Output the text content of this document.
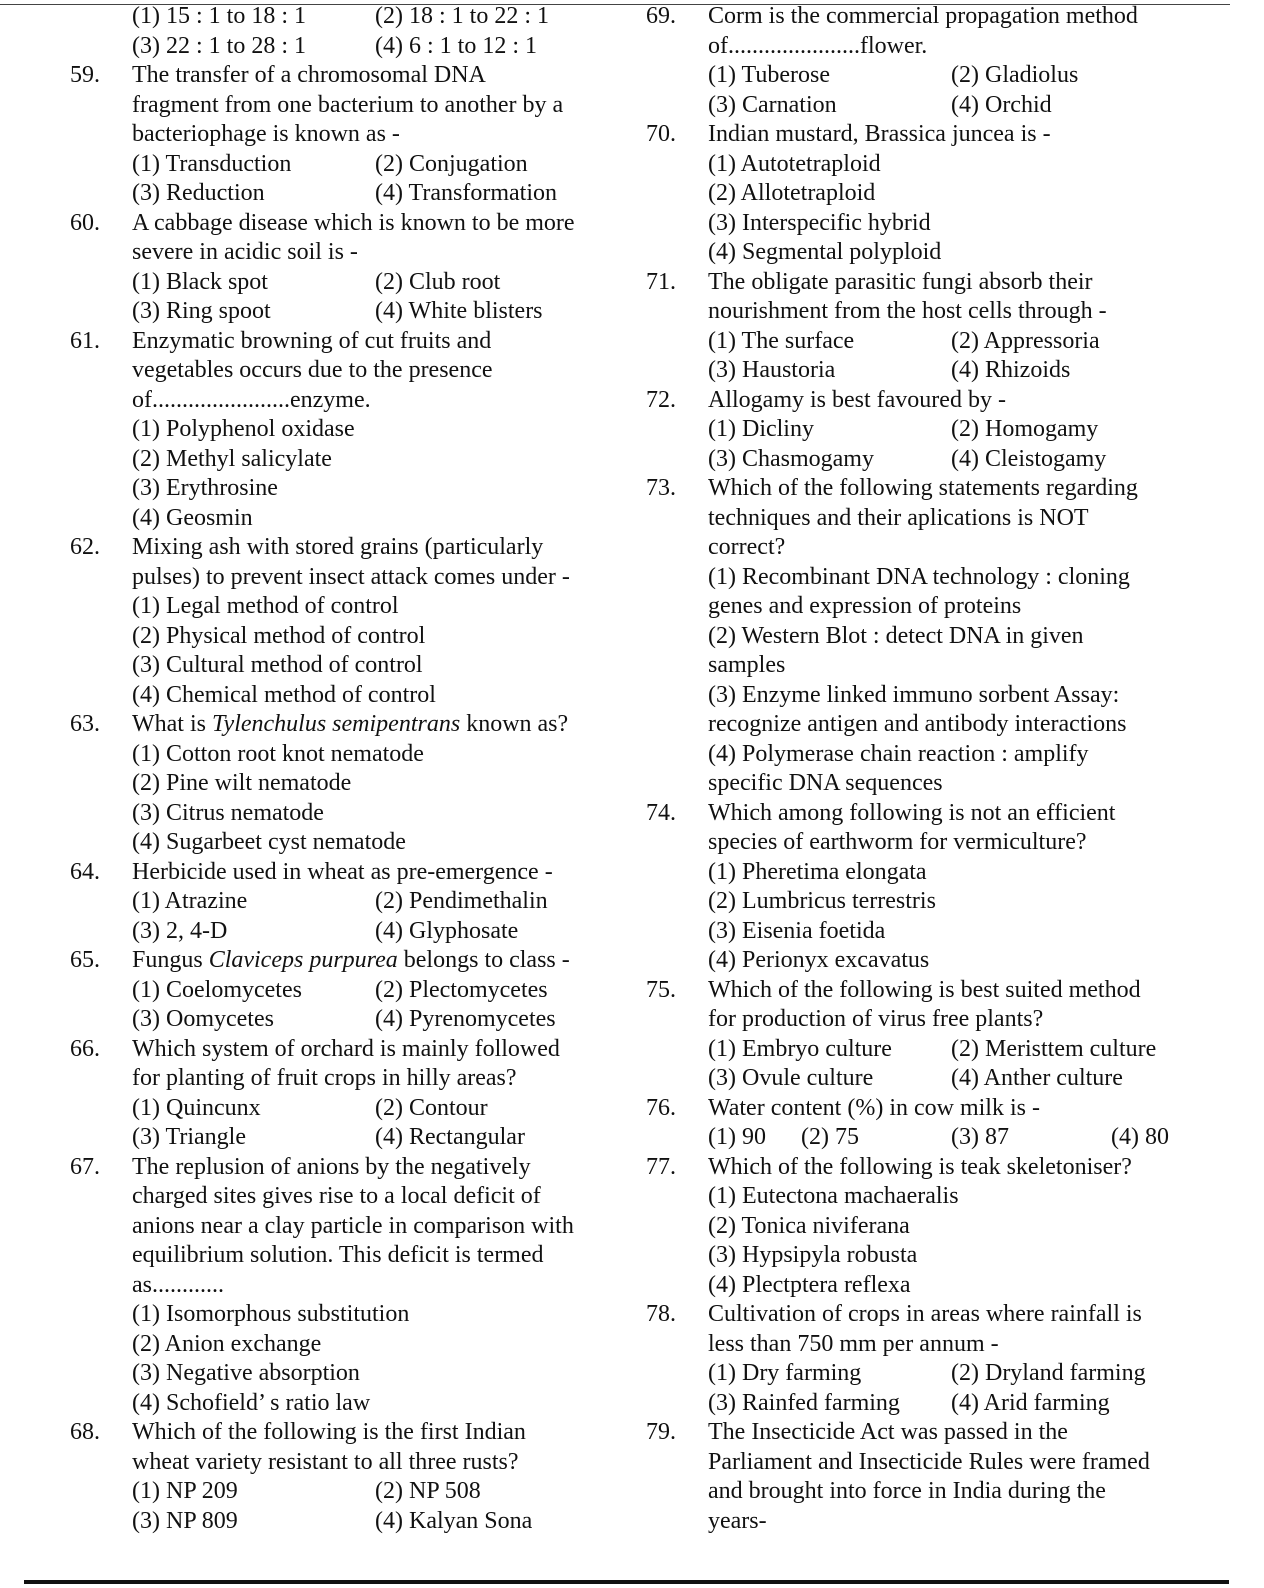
(1) 15 : 1 to 18 : 1	(2) 18 : 1 to 22 : 1
(3) 22 : 1 to 28 : 1	(4) 6 : 1 to 12 : 1
59. The transfer of a chromosomal DNA
fragment from one bacterium to another by a
bacteriophage is known as -
(1) Transduction	(2) Conjugation
(3) Reduction	(4) Transformation
60. A cabbage disease which is known to be more
severe in acidic soil is -
(1) Black spot	(2) Club root
(3) Ring spoot	(4) White blisters
61. Enzymatic browning of cut fruits and
vegetables occurs due to the presence
of.......................enzyme.
(1) Polyphenol oxidase
(2) Methyl salicylate
(3) Erythrosine
(4) Geosmin
62. Mixing ash with stored grains (particularly
pulses) to prevent insect attack comes under -
(1) Legal method of control
(2) Physical method of control
(3) Cultural method of control
(4) Chemical method of control
63. What is Tylenchulus semipentrans known as?
(1) Cotton root knot nematode
(2) Pine wilt nematode
(3) Citrus nematode
(4) Sugarbeet cyst nematode
64. Herbicide used in wheat as pre-emergence -
(1) Atrazine	(2) Pendimethalin
(3) 2, 4-D	(4) Glyphosate
65. Fungus Claviceps purpurea belongs to class -
(1) Coelomycetes	(2) Plectomycetes
(3) Oomycetes	(4) Pyrenomycetes
66. Which system of orchard is mainly followed
for planting of fruit crops in hilly areas?
(1) Quincunx	(2) Contour
(3) Triangle	(4) Rectangular
67. The replusion of anions by the negatively
charged sites gives rise to a local deficit of
anions near a clay particle in comparison with
equilibrium solution. This deficit is termed
as............
(1) Isomorphous substitution
(2) Anion exchange
(3) Negative absorption
(4) Schofield’ s ratio law
68. Which of the following is the first Indian
wheat variety resistant to all three rusts?
(1) NP 209	(2) NP 508
(3) NP 809	(4) Kalyan Sona
69. Corm is the commercial propagation method
of......................flower.
(1) Tuberose	(2) Gladiolus
(3) Carnation	(4) Orchid
70. Indian mustard, Brassica juncea is -
(1) Autotetraploid
(2) Allotetraploid
(3) Interspecific hybrid
(4) Segmental polyploid
71. The obligate parasitic fungi absorb their
nourishment from the host cells through -
(1) The surface	(2) Appressoria
(3) Haustoria	(4) Rhizoids
72. Allogamy is best favoured by -
(1) Dicliny	(2) Homogamy
(3) Chasmogamy	(4) Cleistogamy
73. Which of the following statements regarding
techniques and their aplications is NOT
correct?
(1) Recombinant DNA technology : cloning
genes and expression of proteins
(2) Western Blot : detect DNA in given
samples
(3) Enzyme linked immuno sorbent Assay:
recognize antigen and antibody interactions
(4) Polymerase chain reaction : amplify
specific DNA sequences
74. Which among following is not an efficient
species of earthworm for vermiculture?
(1) Pheretima elongata
(2) Lumbricus terrestris
(3) Eisenia foetida
(4) Perionyx excavatus
75. Which of the following is best suited method
for production of virus free plants?
(1) Embryo culture (2) Meristtem culture
(3) Ovule culture	(4) Anther culture
76. Water content (%) in cow milk is -
(1) 90 (2) 75	(3) 87	(4) 80
77. Which of the following is teak skeletoniser?
(1) Eutectona machaeralis
(2) Tonica niviferana
(3) Hypsipyla robusta
(4) Plectptera reflexa
78. Cultivation of crops in areas where rainfall is
less than 750 mm per annum -
(1) Dry farming	(2) Dryland farming
(3) Rainfed farming (4) Arid farming
79. The Insecticide Act was passed in the
Parliament and Insecticide Rules were framed
and brought into force in India during the
years-
